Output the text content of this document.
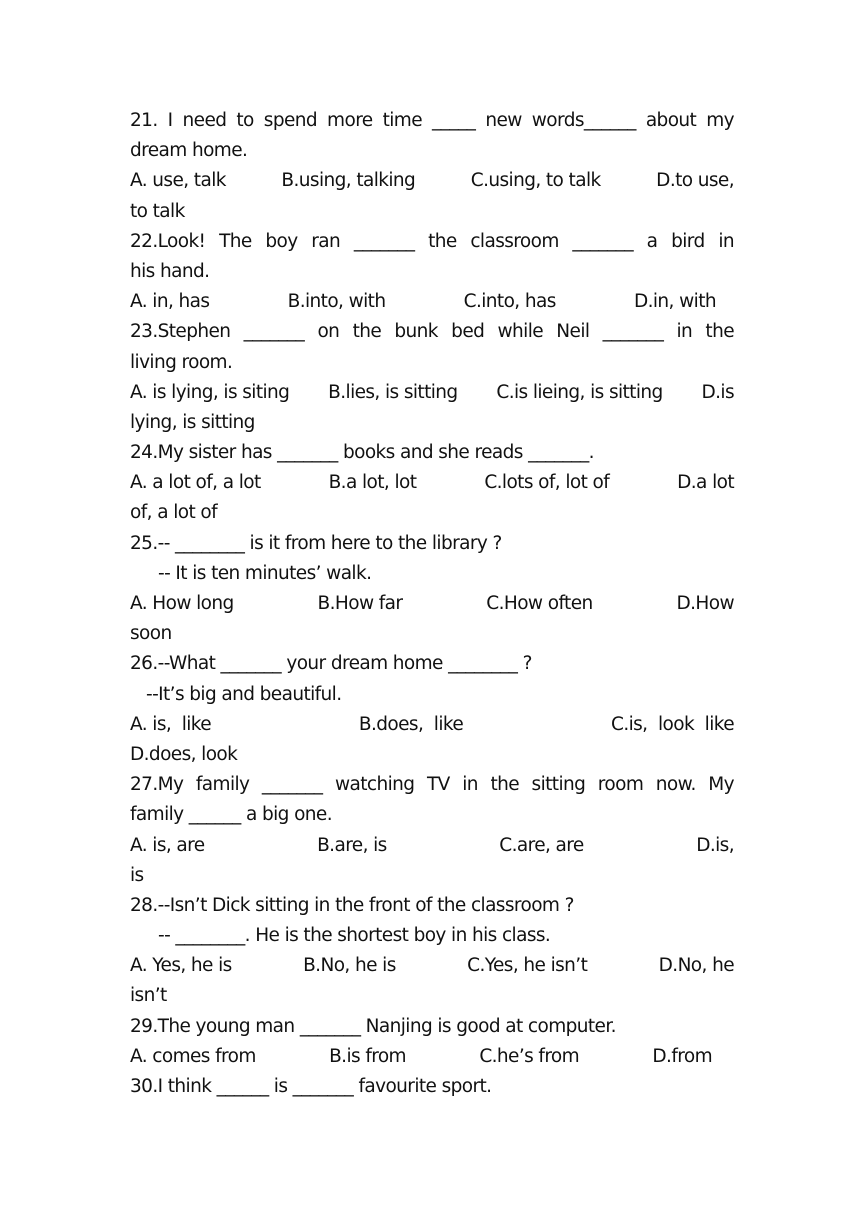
21. I need to spend more time _____ new words______ about my
dream home.
A. use, talk	B.using, talking	C.using, to talk	D.to use,
to talk
22.Look! The boy ran _______ the classroom _______ a bird in
his hand.
A. in, has	B.into, with	C.into, has	D.in, with
23.Stephen _______ on the bunk bed while Neil _______ in the
living room.
A. is lying, is siting B.lies, is sitting C.is lieing, is sitting D.is
lying, is sitting
24.My sister has _______ books and she reads _______.
A. a lot of, a lot	B.a lot, lot	C.lots of, lot of	D.a lot
of, a lot of
25.-- ________ is it from here to the library ?
-- It is ten minutes’ walk.
A. How long	B.How far	C.How often	D.How
soon
26.--What _______ your dream home ________ ?
--It’s big and beautiful.
A. is,  like	B.does,  like	C.is,  look  like
D.does, look
27.My family _______ watching TV in the sitting room now. My
family ______ a big one.
A. is, are	B.are, is	C.are, are	D.is,
is
28.--Isn’t Dick sitting in the front of the classroom ?
-- ________. He is the shortest boy in his class.
A. Yes, he is	B.No, he is	C.Yes, he isn’t	D.No, he
isn’t
29.The young man _______ Nanjing is good at computer.
A. comes from	B.is from	C.he’s from	D.from
30.I think ______ is _______ favourite sport.
